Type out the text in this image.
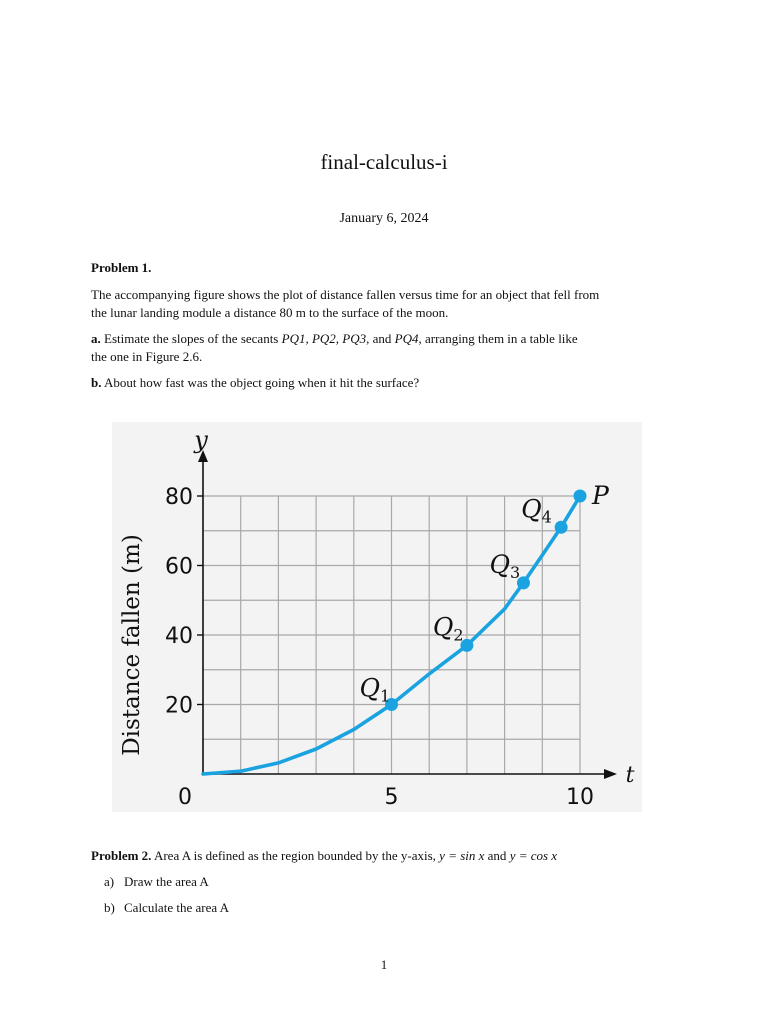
final-calculus-i
January 6, 2024
Problem 1.
The accompanying figure shows the plot of distance fallen versus time for an object that fell from
the lunar landing module a distance 80 m to the surface of the moon.
a. Estimate the slopes of the secants PQ1, PQ2, PQ3, and PQ4, arranging them in a table like
the one in Figure 2.6.
b. About how fast was the object going when it hit the surface?
20
40
60
80
0	5	10
y
t
Distance fallen (m)	$Q_1$
$Q_2$
$Q_3$
$Q_4$
P
Problem 2. Area A is defined as the region bounded by the y-axis, y = sin x and y = cos x
a) Draw the area A
b) Calculate the area A
1
